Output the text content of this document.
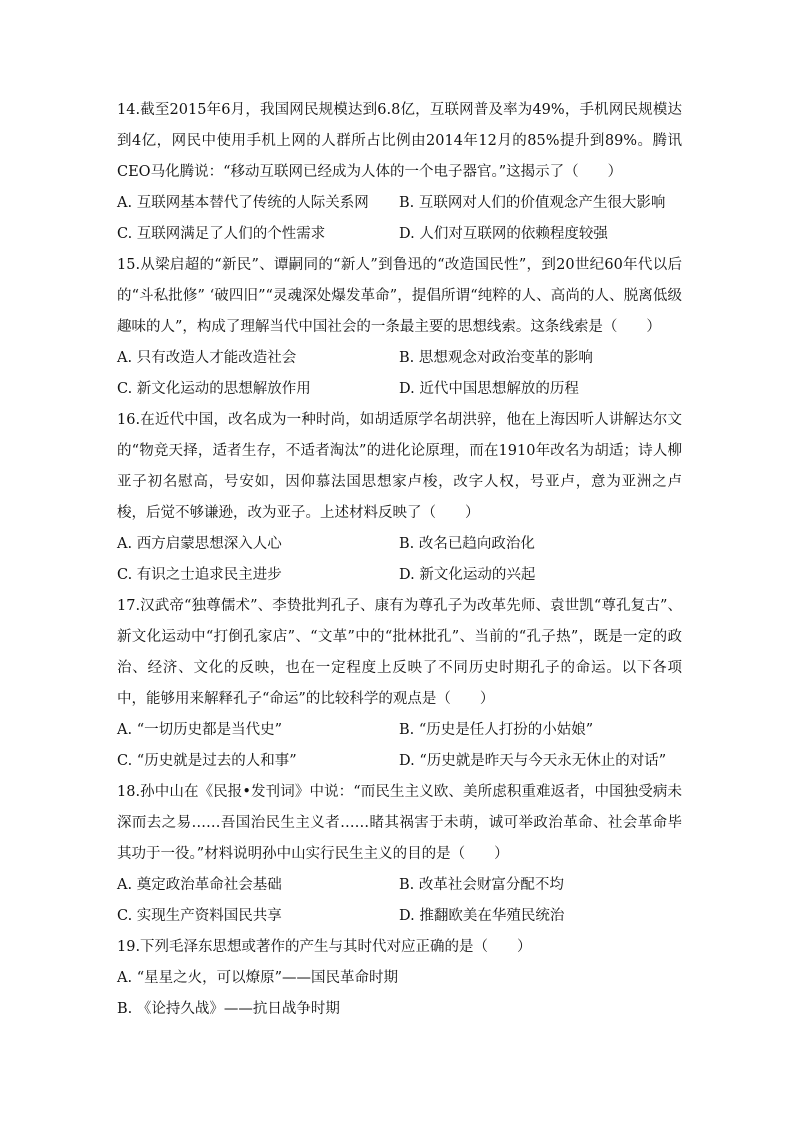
14.截至2015年6月，我国网民规模达到6.8亿，互联网普及率为49%，手机网民规模达到4亿，网民中使用手机上网的人群所占比例由2014年12月的85%提升到89%。腾讯CEO马化腾说：“移动互联网已经成为人体的一个电子器官。”这揭示了（　　）

A. 互联网基本替代了传统的人际关系网	B. 互联网对人们的价值观念产生很大影响
C. 互联网满足了人们的个性需求	D. 人们对互联网的依赖程度较强

15.从梁启超的“新民”、谭嗣同的“新人”到鲁迅的“改造国民性”，到20世纪60年代以后的“斗私批修” ‘破四旧”“灵魂深处爆发革命”，提倡所谓“纯粹的人、高尚的人、脱离低级趣味的人”，构成了理解当代中国社会的一条最主要的思想线索。这条线索是（　　）

A. 只有改造人才能改造社会	B. 思想观念对政治变革的影响
C. 新文化运动的思想解放作用	D. 近代中国思想解放的历程

16.在近代中国，改名成为一种时尚，如胡适原学名胡洪骍，他在上海因听人讲解达尔文的“物竞天择，适者生存，不适者淘汰”的进化论原理，而在1910年改名为胡适；诗人柳亚子初名慰高，号安如，因仰慕法国思想家卢梭，改字人权，号亚卢，意为亚洲之卢梭，后觉不够谦逊，改为亚子。上述材料反映了（　　）

A. 西方启蒙思想深入人心	B. 改名已趋向政治化
C. 有识之士追求民主进步	D. 新文化运动的兴起

17.汉武帝“独尊儒术”、李贽批判孔子、康有为尊孔子为改革先师、袁世凯“尊孔复古”、新文化运动中“打倒孔家店”、“文革”中的“批林批孔”、当前的“孔子热”，既是一定的政治、经济、文化的反映，也在一定程度上反映了不同历史时期孔子的命运。以下各项中，能够用来解释孔子“命运”的比较科学的观点是（　　）

A. “一切历史都是当代史”	B. “历史是任人打扮的小姑娘”
C. “历史就是过去的人和事”	D. “历史就是昨天与今天永无休止的对话”

18.孙中山在《民报•发刊词》中说：“而民生主义欧、美所虑积重难返者，中国独受病未深而去之易……吾国治民生主义者……睹其祸害于未萌，诚可举政治革命、社会革命毕其功于一役。”材料说明孙中山实行民生主义的目的是（　　）

A. 奠定政治革命社会基础	B. 改革社会财富分配不均
C. 实现生产资料国民共享	D. 推翻欧美在华殖民统治

19.下列毛泽东思想或著作的产生与其时代对应正确的是（　　）

A. “星星之火，可以燎原”——国民革命时期
B. 《论持久战》——抗日战争时期
